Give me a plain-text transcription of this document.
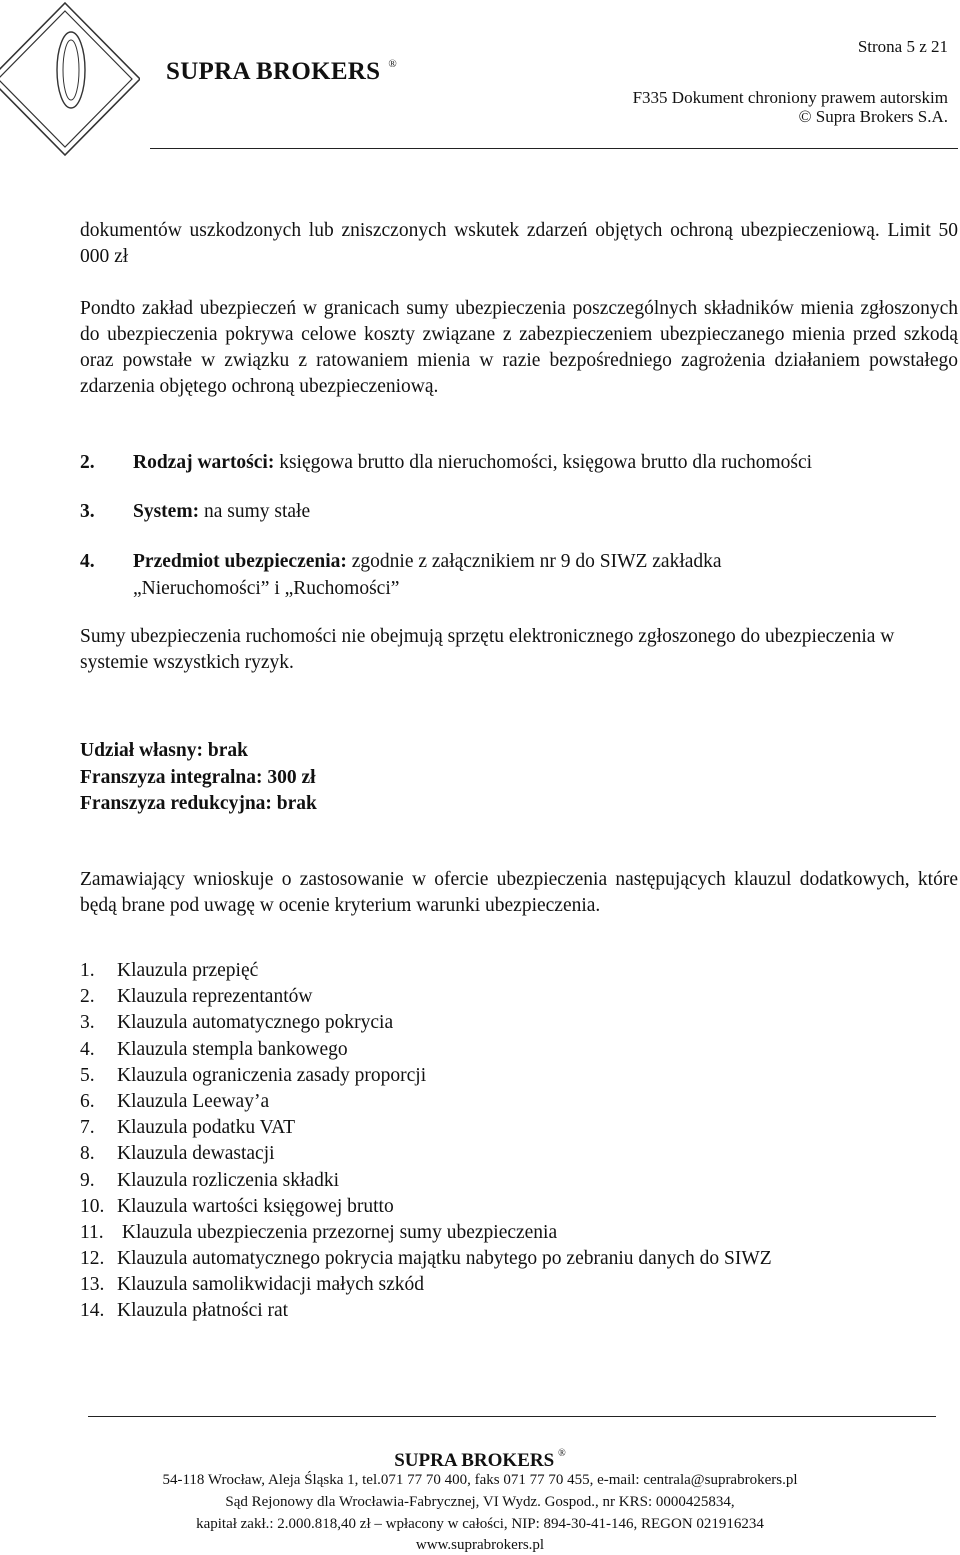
SUPRA BROKERS ®
Strona 5 z 21
F335 Dokument chroniony prawem autorskim
© Supra Brokers S.A.
dokumentów uszkodzonych lub zniszczonych wskutek zdarzeń objętych ochroną ubezpieczeniową. Limit 50 000 zł
Pondto zakład ubezpieczeń w granicach sumy ubezpieczenia poszczególnych składników mienia zgłoszonych do ubezpieczenia pokrywa celowe koszty związane z zabezpieczeniem ubezpieczanego mienia przed szkodą oraz powstałe w związku z ratowaniem mienia w razie bezpośredniego zagrożenia działaniem powstałego zdarzenia objętego ochroną ubezpieczeniową.
2. Rodzaj wartości: księgowa brutto dla nieruchomości, księgowa brutto dla ruchomości
3. System: na sumy stałe
4. Przedmiot ubezpieczenia: zgodnie z załącznikiem nr 9 do SIWZ zakładka
„Nieruchomości” i „Ruchomości”
Sumy ubezpieczenia ruchomości nie obejmują sprzętu elektronicznego zgłoszonego do ubezpieczenia w systemie wszystkich ryzyk.
Udział własny: brak
Franszyza integralna: 300 zł
Franszyza redukcyjna: brak
Zamawiający wnioskuje o zastosowanie w ofercie ubezpieczenia następujących klauzul dodatkowych, które będą brane pod uwagę w ocenie kryterium warunki ubezpieczenia.
1. Klauzula przepięć
2. Klauzula reprezentantów
3. Klauzula automatycznego pokrycia
4. Klauzula stempla bankowego
5. Klauzula ograniczenia zasady proporcji
6. Klauzula Leeway’a
7. Klauzula podatku VAT
8. Klauzula dewastacji
9. Klauzula rozliczenia składki
10. Klauzula wartości księgowej brutto
11. Klauzula ubezpieczenia przezornej sumy ubezpieczenia
12. Klauzula automatycznego pokrycia majątku nabytego po zebraniu danych do SIWZ
13. Klauzula samolikwidacji małych szkód
14. Klauzula płatności rat
SUPRA BROKERS ®
54-118 Wrocław, Aleja Śląska 1, tel.071 77 70 400, faks 071 77 70 455, e-mail: centrala@suprabrokers.pl
Sąd Rejonowy dla Wrocławia-Fabrycznej, VI Wydz. Gospod., nr KRS: 0000425834,
kapitał zakł.: 2.000.818,40 zł – wpłacony w całości, NIP: 894-30-41-146, REGON 021916234
www.suprabrokers.pl
